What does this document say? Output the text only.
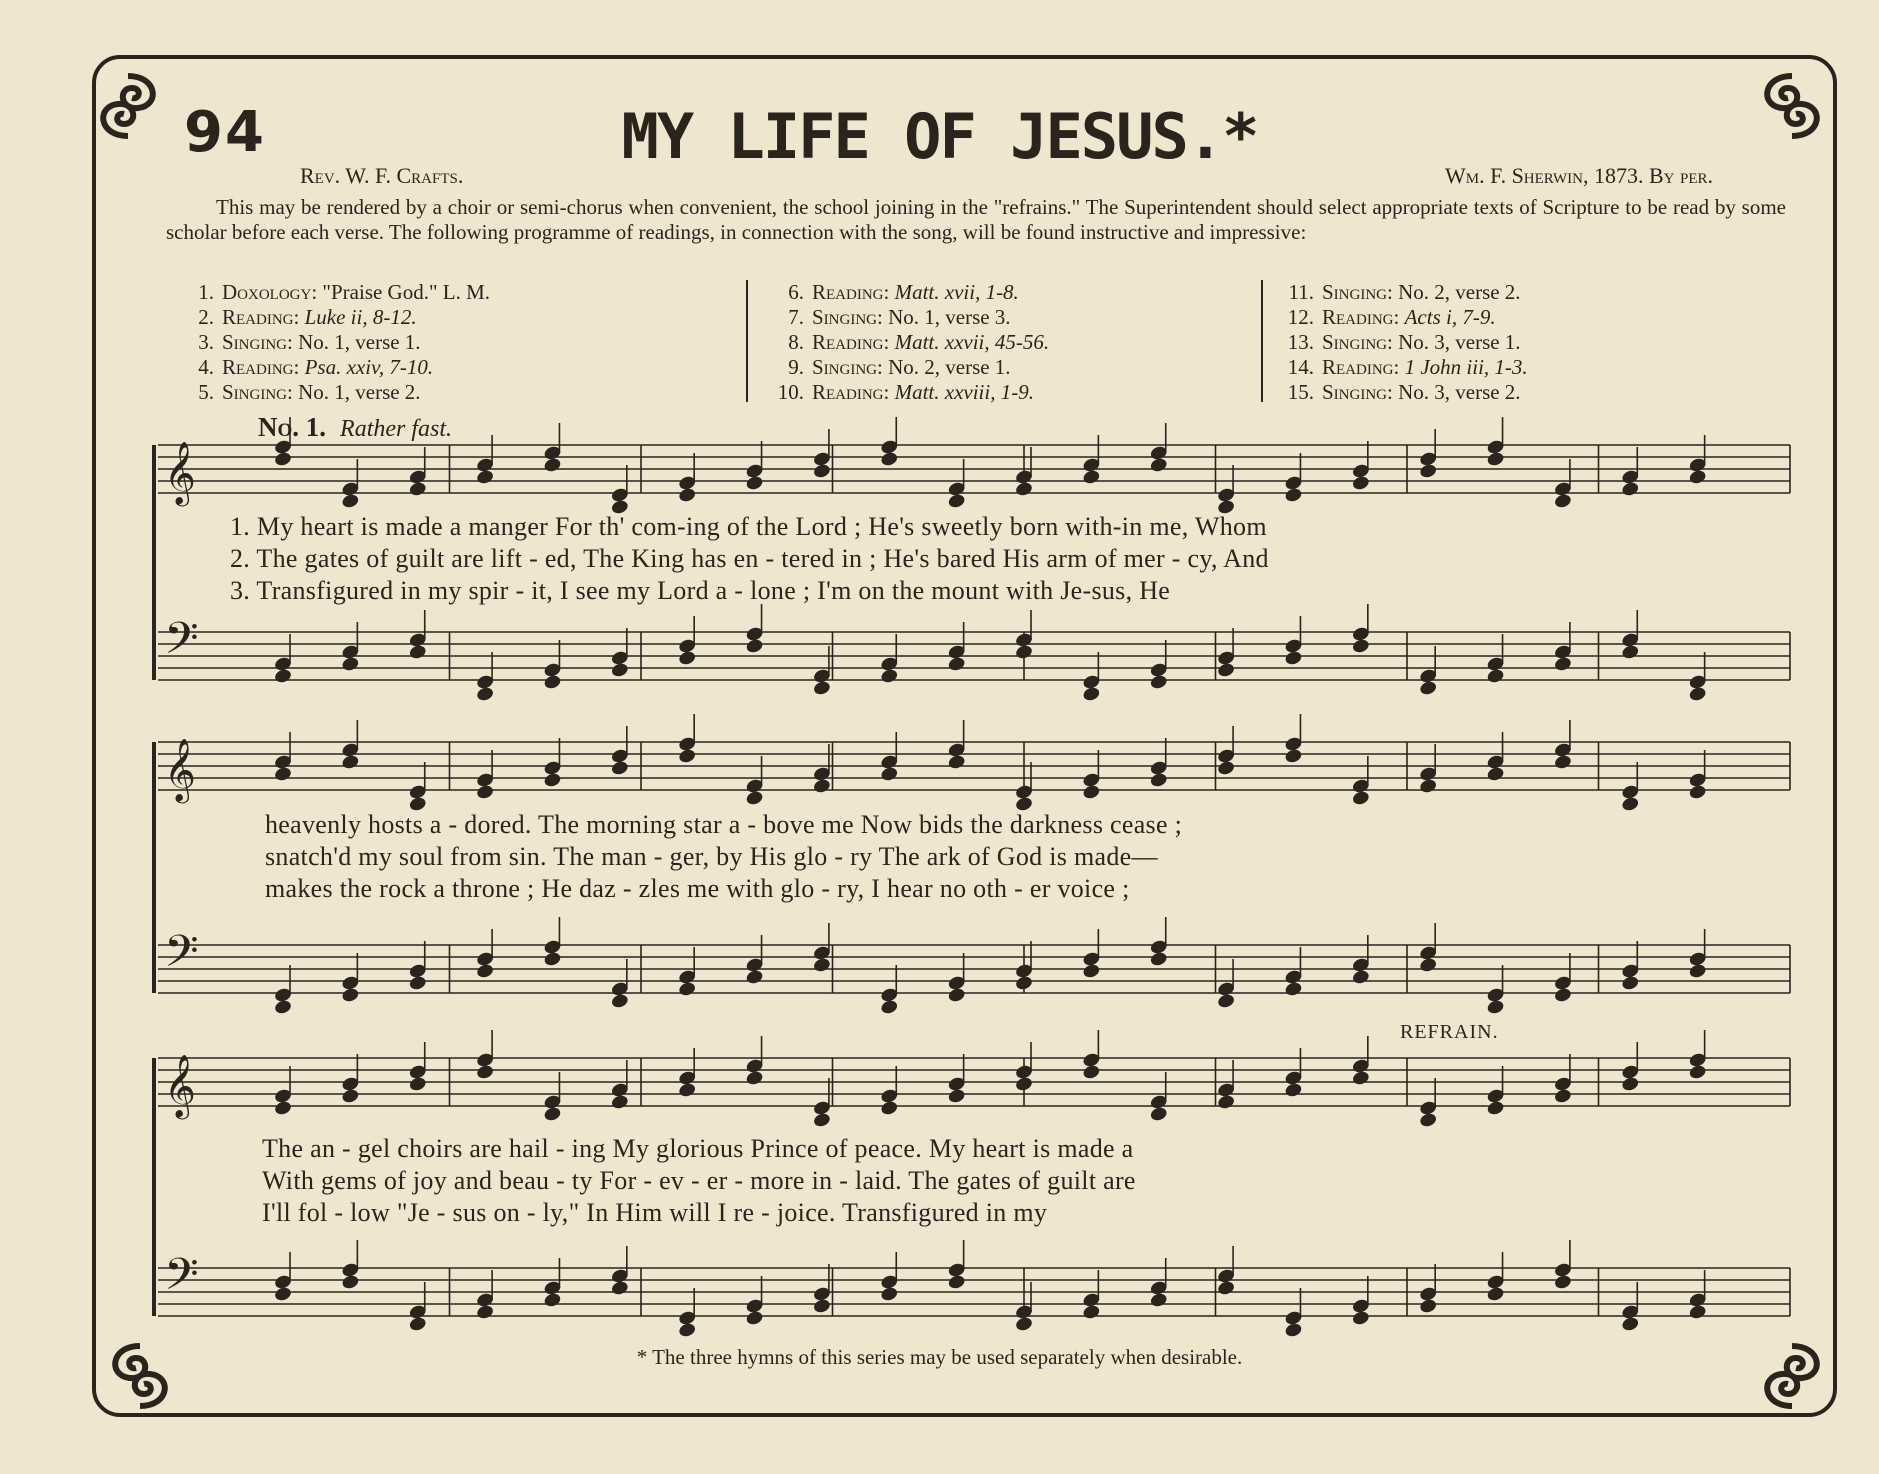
94	MY LIFE OF JESUS.*
Rev. W. F. Crafts.	Wm. F. Sherwin, 1873. By per.
This may be rendered by a choir or semi-chorus when convenient, the school joining in the "refrains." The Superintendent should select appropriate texts of Scripture to be read by some scholar before each verse. The following programme of readings, in connection with the song, will be found instructive and impressive:
1. Doxology: "Praise God." L. M.
2. Reading: Luke ii, 8-12.
3. Singing: No. 1, verse 1.
4. Reading: Psa. xxiv, 7-10.
5. Singing: No. 1, verse 2.
6. Reading: Matt. xvii, 1-8.
7. Singing: No. 1, verse 3.
8. Reading: Matt. xxvii, 45-56.
9. Singing: No. 2, verse 1.
10. Reading: Matt. xxviii, 1-9.
11. Singing: No. 2, verse 2.
12. Reading: Acts i, 7-9.
13. Singing: No. 3, verse 1.
14. Reading: 1 John iii, 1-3.
15. Singing: No. 3, verse 2.
No. 1. Rather fast.
REFRAIN.
𝄞
𝄢
𝄞
𝄢
𝄞
𝄢
1. My heart is made a manger For th' com-ing of the Lord ; He's sweetly born with-in me, Whom
2. The gates of guilt are lift - ed, The King has en - tered in ; He's bared His arm of mer - cy, And
3. Transfigured in my spir - it, I see my Lord a - lone ; I'm on the mount with Je-sus, He
heavenly hosts a - dored. The morning star a - bove me Now bids the darkness cease ;
snatch'd my soul from sin. The man - ger, by His glo - ry The ark of God is made—
makes the rock a throne ; He daz - zles me with glo - ry, I hear no oth - er voice ;
The an - gel choirs are hail - ing My glorious Prince of peace. My heart is made a
With gems of joy and beau - ty For - ev - er - more in - laid. The gates of guilt are
I'll fol - low "Je - sus on - ly," In Him will I re - joice. Transfigured in my
* The three hymns of this series may be used separately when desirable.
